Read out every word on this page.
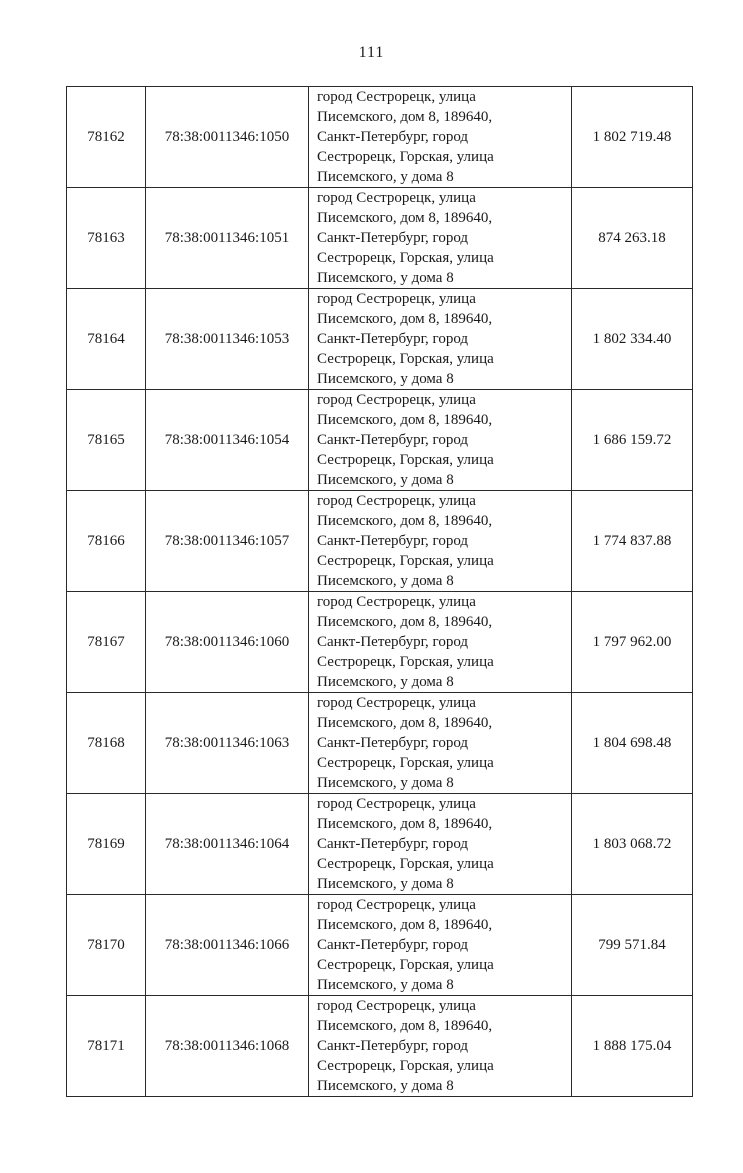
111
78162	78:38:0011346:1050	город Сестрорецк, улица
Писемского, дом 8, 189640,
Санкт-Петербург, город
Сестрорецк, Горская, улица
Писемского, у дома 8	1 802 719.48
78163	78:38:0011346:1051	город Сестрорецк, улица
Писемского, дом 8, 189640,
Санкт-Петербург, город
Сестрорецк, Горская, улица
Писемского, у дома 8	874 263.18
78164	78:38:0011346:1053	город Сестрорецк, улица
Писемского, дом 8, 189640,
Санкт-Петербург, город
Сестрорецк, Горская, улица
Писемского, у дома 8	1 802 334.40
78165	78:38:0011346:1054	город Сестрорецк, улица
Писемского, дом 8, 189640,
Санкт-Петербург, город
Сестрорецк, Горская, улица
Писемского, у дома 8	1 686 159.72
78166	78:38:0011346:1057	город Сестрорецк, улица
Писемского, дом 8, 189640,
Санкт-Петербург, город
Сестрорецк, Горская, улица
Писемского, у дома 8	1 774 837.88
78167	78:38:0011346:1060	город Сестрорецк, улица
Писемского, дом 8, 189640,
Санкт-Петербург, город
Сестрорецк, Горская, улица
Писемского, у дома 8	1 797 962.00
78168	78:38:0011346:1063	город Сестрорецк, улица
Писемского, дом 8, 189640,
Санкт-Петербург, город
Сестрорецк, Горская, улица
Писемского, у дома 8	1 804 698.48
78169	78:38:0011346:1064	город Сестрорецк, улица
Писемского, дом 8, 189640,
Санкт-Петербург, город
Сестрорецк, Горская, улица
Писемского, у дома 8	1 803 068.72
78170	78:38:0011346:1066	город Сестрорецк, улица
Писемского, дом 8, 189640,
Санкт-Петербург, город
Сестрорецк, Горская, улица
Писемского, у дома 8	799 571.84
78171	78:38:0011346:1068	город Сестрорецк, улица
Писемского, дом 8, 189640,
Санкт-Петербург, город
Сестрорецк, Горская, улица
Писемского, у дома 8	1 888 175.04
